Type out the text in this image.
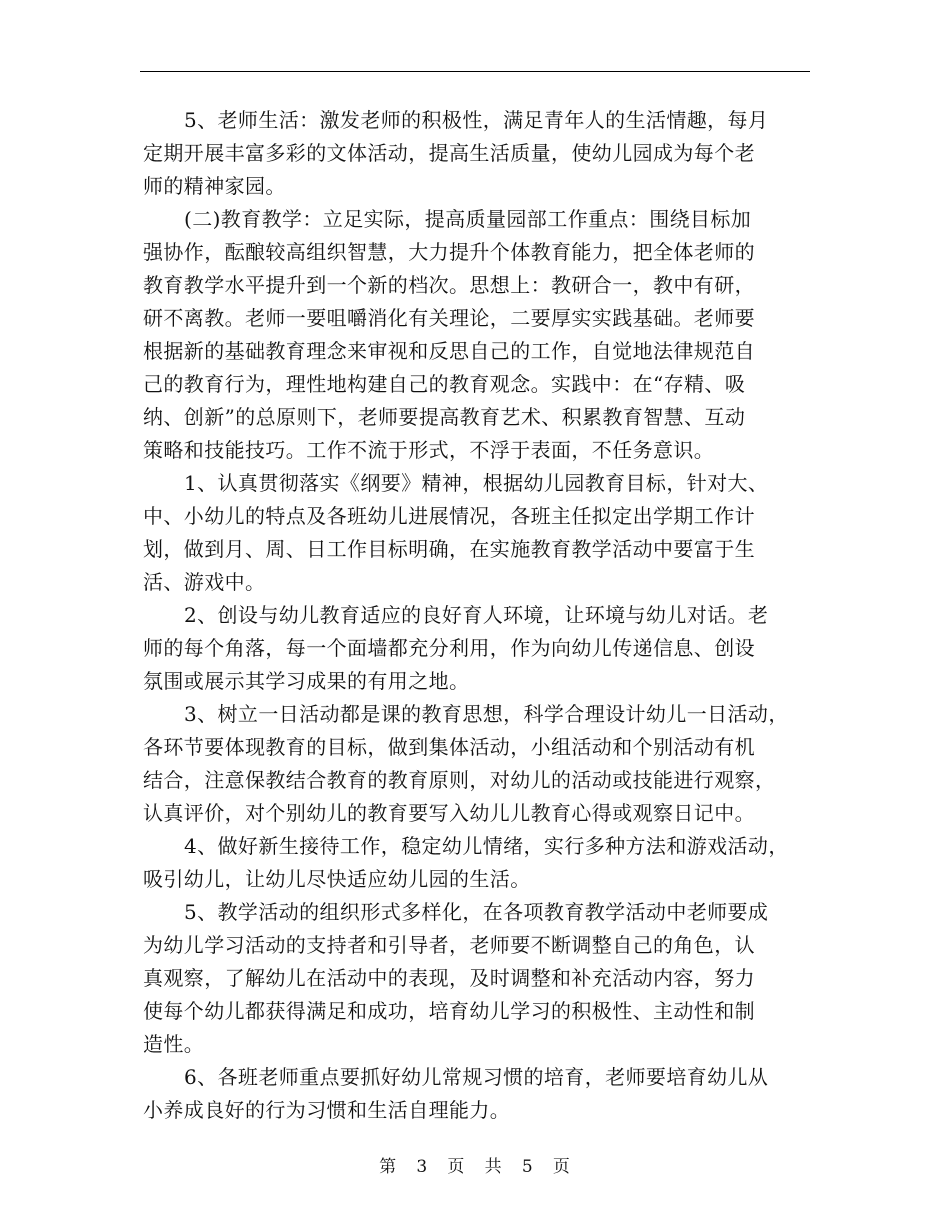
5、老师生活：激发老师的积极性，满足青年人的生活情趣，每月
定期开展丰富多彩的文体活动，提高生活质量，使幼儿园成为每个老
师的精神家园。
(二)教育教学：立足实际，提高质量园部工作重点：围绕目标加
强协作，酝酿较高组织智慧，大力提升个体教育能力，把全体老师的
教育教学水平提升到一个新的档次。思想上：教研合一，教中有研，
研不离教。老师一要咀嚼消化有关理论，二要厚实实践基础。老师要
根据新的基础教育理念来审视和反思自己的工作，自觉地法律规范自
己的教育行为，理性地构建自己的教育观念。实践中：在“存精、吸
纳、创新”的总原则下，老师要提高教育艺术、积累教育智慧、互动
策略和技能技巧。工作不流于形式，不浮于表面，不任务意识。
1、认真贯彻落实《纲要》精神，根据幼儿园教育目标，针对大、
中、小幼儿的特点及各班幼儿进展情况，各班主任拟定出学期工作计
划，做到月、周、日工作目标明确，在实施教育教学活动中要富于生
活、游戏中。
2、创设与幼儿教育适应的良好育人环境，让环境与幼儿对话。老
师的每个角落，每一个面墙都充分利用，作为向幼儿传递信息、创设
氛围或展示其学习成果的有用之地。
3、树立一日活动都是课的教育思想，科学合理设计幼儿一日活动，
各环节要体现教育的目标，做到集体活动，小组活动和个别活动有机
结合，注意保教结合教育的教育原则，对幼儿的活动或技能进行观察，
认真评价，对个别幼儿的教育要写入幼儿儿教育心得或观察日记中。
4、做好新生接待工作，稳定幼儿情绪，实行多种方法和游戏活动，
吸引幼儿，让幼儿尽快适应幼儿园的生活。
5、教学活动的组织形式多样化，在各项教育教学活动中老师要成
为幼儿学习活动的支持者和引导者，老师要不断调整自己的角色，认
真观察，了解幼儿在活动中的表现，及时调整和补充活动内容，努力
使每个幼儿都获得满足和成功，培育幼儿学习的积极性、主动性和制
造性。
6、各班老师重点要抓好幼儿常规习惯的培育，老师要培育幼儿从
小养成良好的行为习惯和生活自理能力。
第 3 页 共 5 页
